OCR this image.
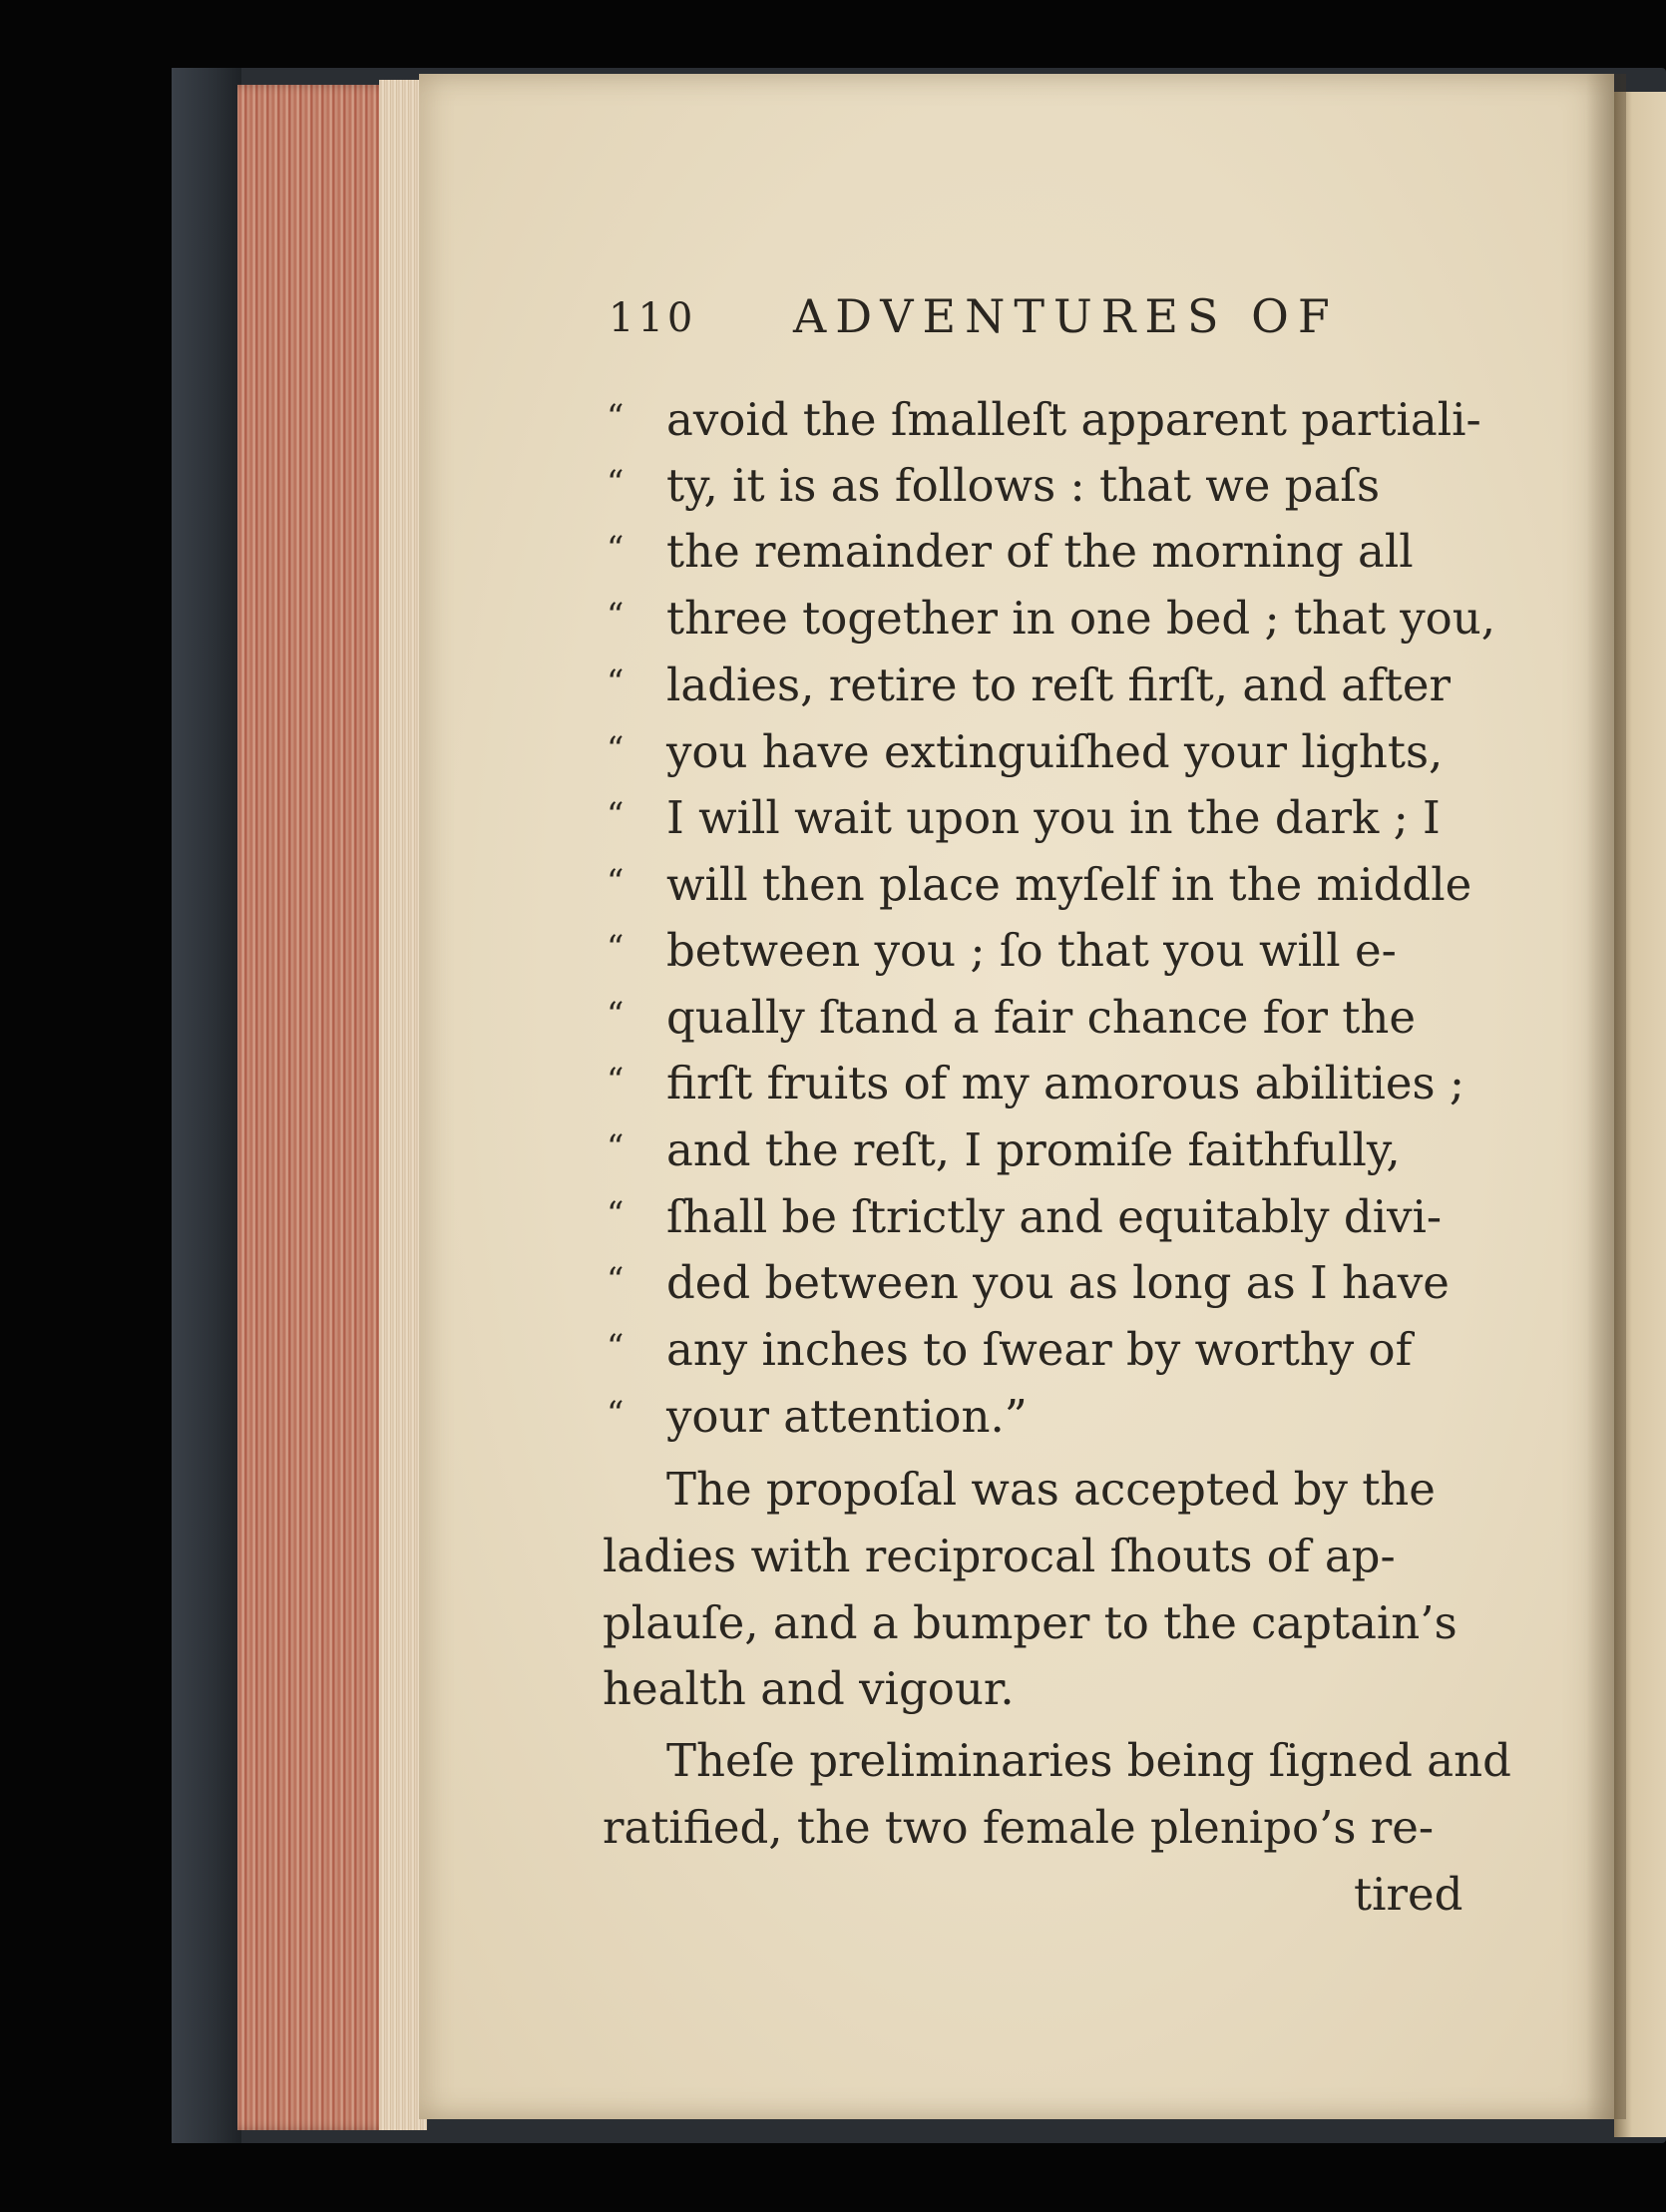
110 ADVENTURES OF
“ avoid the ſmalleſt apparent partiali-
“ ty, it is as follows : that we paſs
“ the remainder of the morning all
“ three together in one bed ; that you,
“ ladies, retire to reſt firſt, and after
“ you have extinguiſhed your lights,
“ I will wait upon you in the dark ; I
“ will then place myſelf in the middle
“ between you ; ſo that you will e-
“ qually ſtand a fair chance for the
“ firſt fruits of my amorous abilities ;
“ and the reſt, I promiſe faithfully,
“ ſhall be ſtrictly and equitably divi-
“ ded between you as long as I have
“ any inches to ſwear by worthy of
“ your attention.”
The propoſal was accepted by the
ladies with reciprocal ſhouts of ap-
plauſe, and a bumper to the captain’s
health and vigour.
Theſe preliminaries being ſigned and
ratified, the two female plenipo’s re-
tired
